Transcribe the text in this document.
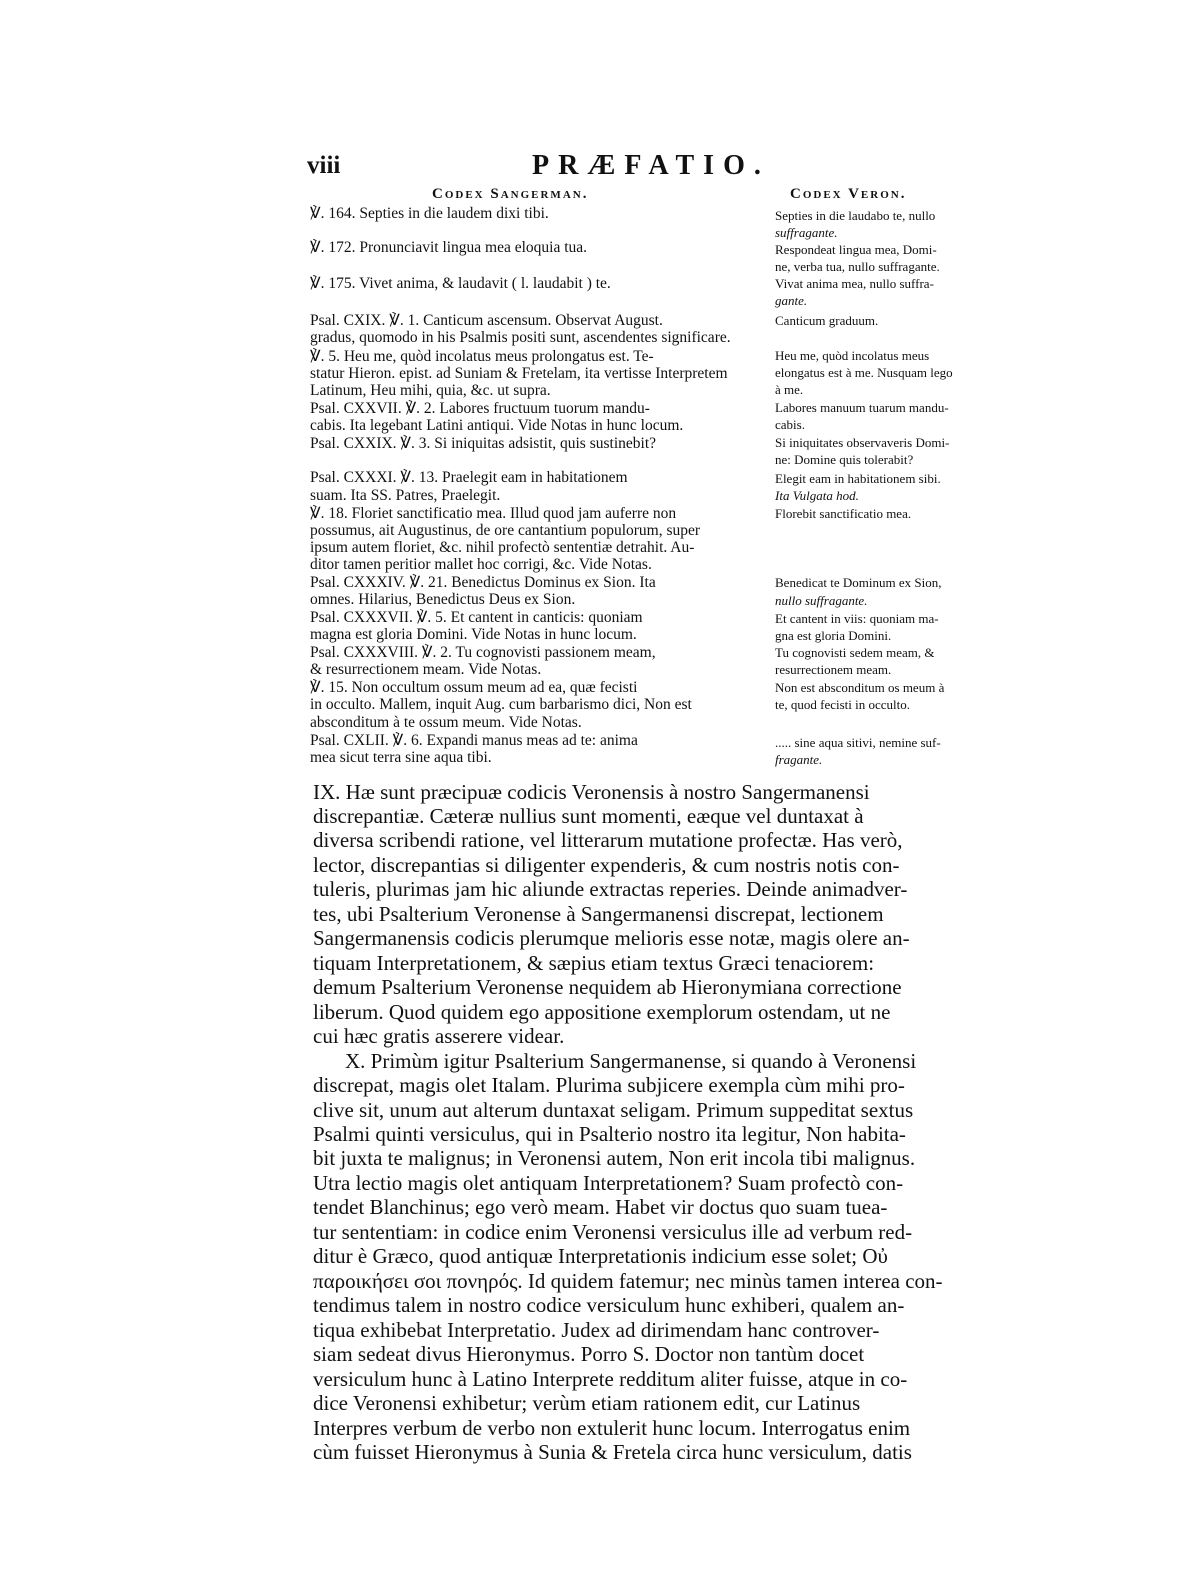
viii	PRÆFATIO.
Codex Sangerman.	Codex Veron.
℣. 164. Septies in die laudem dixi tibi.
℣. 172. Pronunciavit lingua mea eloquia tua.
℣. 175. Vivet anima, & laudavit ( l. laudabit ) te.
Psal. CXIX. ℣. 1. Canticum ascensum. Observat August.
gradus, quomodo in his Psalmis positi sunt, ascendentes significare.
℣. 5. Heu me, quòd incolatus meus prolongatus est. Te-
statur Hieron. epist. ad Suniam & Fretelam, ita vertisse Interpretem
Latinum, Heu mihi, quia, &c. ut supra.
Psal. CXXVII. ℣. 2. Labores fructuum tuorum mandu-
cabis. Ita legebant Latini antiqui. Vide Notas in hunc locum.
Psal. CXXIX. ℣. 3. Si iniquitas adsistit, quis sustinebit?
Psal. CXXXI. ℣. 13. Praelegit eam in habitationem
suam. Ita SS. Patres, Praelegit.
℣. 18. Floriet sanctificatio mea. Illud quod jam auferre non
possumus, ait Augustinus, de ore cantantium populorum, super
ipsum autem floriet, &c. nihil profectò sententiæ detrahit. Au-
ditor tamen peritior mallet hoc corrigi, &c. Vide Notas.
Psal. CXXXIV. ℣. 21. Benedictus Dominus ex Sion. Ita
omnes. Hilarius, Benedictus Deus ex Sion.
Psal. CXXXVII. ℣. 5. Et cantent in canticis: quoniam
magna est gloria Domini. Vide Notas in hunc locum.
Psal. CXXXVIII. ℣. 2. Tu cognovisti passionem meam,
& resurrectionem meam. Vide Notas.
℣. 15. Non occultum ossum meum ad ea, quæ fecisti
in occulto. Mallem, inquit Aug. cum barbarismo dici, Non est
absconditum à te ossum meum. Vide Notas.
Psal. CXLII. ℣. 6. Expandi manus meas ad te: anima
mea sicut terra sine aqua tibi.
Septies in die laudabo te, nullo
suffragante.
Respondeat lingua mea, Domi-
ne, verba tua, nullo suffragante.
Vivat anima mea, nullo suffra-
gante.
Canticum graduum.
Heu me, quòd incolatus meus
elongatus est à me. Nusquam lego
à me.
Labores manuum tuarum mandu-
cabis.
Si iniquitates observaveris Domi-
ne: Domine quis tolerabit?
Elegit eam in habitationem sibi.
Ita Vulgata hod.
Florebit sanctificatio mea.
Benedicat te Dominum ex Sion,
nullo suffragante.
Et cantent in viis: quoniam ma-
gna est gloria Domini.
Tu cognovisti sedem meam, &
resurrectionem meam.
Non est absconditum os meum à
te, quod fecisti in occulto.
..... sine aqua sitivi, nemine suf-
fragante.
IX. Hæ sunt præcipuæ codicis Veronensis à nostro Sangermanensi
discrepantiæ. Cæteræ nullius sunt momenti, eæque vel duntaxat à
diversa scribendi ratione, vel litterarum mutatione profectæ. Has verò,
lector, discrepantias si diligenter expenderis, & cum nostris notis con-
tuleris, plurimas jam hic aliunde extractas reperies. Deinde animadver-
tes, ubi Psalterium Veronense à Sangermanensi discrepat, lectionem
Sangermanensis codicis plerumque melioris esse notæ, magis olere an-
tiquam Interpretationem, & sæpius etiam textus Græci tenaciorem:
demum Psalterium Veronense nequidem ab Hieronymiana correctione
liberum. Quod quidem ego appositione exemplorum ostendam, ut ne
cui hæc gratis asserere videar.
X. Primùm igitur Psalterium Sangermanense, si quando à Veronensi
discrepat, magis olet Italam. Plurima subjicere exempla cùm mihi pro-
clive sit, unum aut alterum duntaxat seligam. Primum suppeditat sextus
Psalmi quinti versiculus, qui in Psalterio nostro ita legitur, Non habita-
bit juxta te malignus; in Veronensi autem, Non erit incola tibi malignus.
Utra lectio magis olet antiquam Interpretationem? Suam profectò con-
tendet Blanchinus; ego verò meam. Habet vir doctus quo suam tuea-
tur sententiam: in codice enim Veronensi versiculus ille ad verbum red-
ditur è Græco, quod antiquæ Interpretationis indicium esse solet; Οὐ
παροικήσει σοι πονηρός. Id quidem fatemur; nec minùs tamen interea con-
tendimus talem in nostro codice versiculum hunc exhiberi, qualem an-
tiqua exhibebat Interpretatio. Judex ad dirimendam hanc controver-
siam sedeat divus Hieronymus. Porro S. Doctor non tantùm docet
versiculum hunc à Latino Interprete redditum aliter fuisse, atque in co-
dice Veronensi exhibetur; verùm etiam rationem edit, cur Latinus
Interpres verbum de verbo non extulerit hunc locum. Interrogatus enim
cùm fuisset Hieronymus à Sunia & Fretela circa hunc versiculum, datis
